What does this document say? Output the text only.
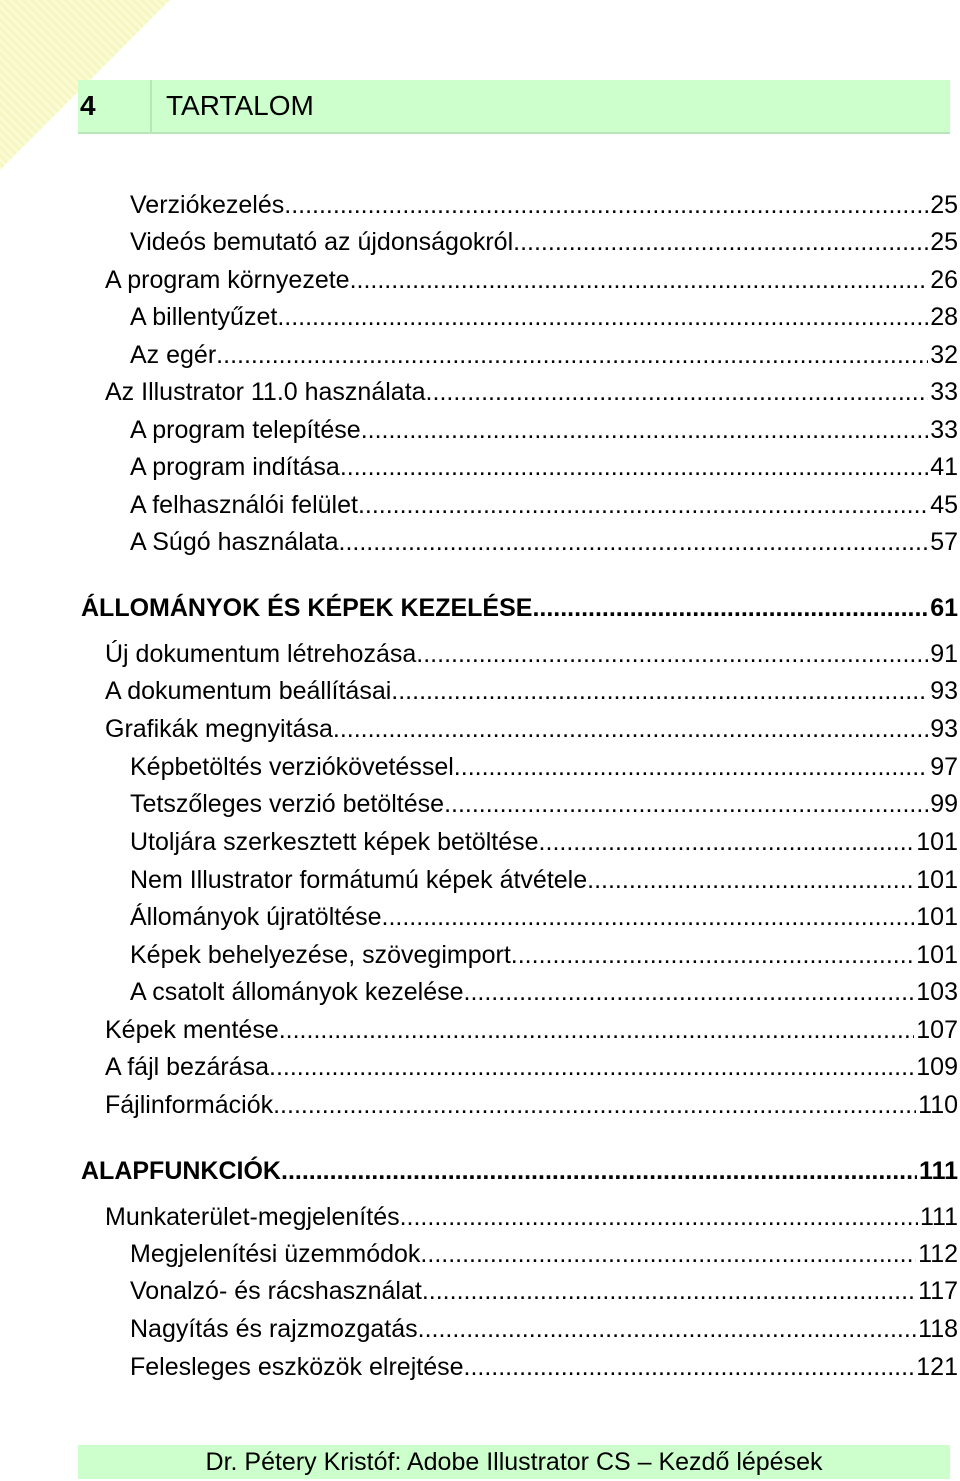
4	TARTALOM
Verziókezelés .....	25
Videós bemutató az újdonságokról .....	25
A program környezete .....	26
A billentyűzet .....	28
Az egér .....	32
Az Illustrator 11.0 használata .....	33
A program telepítése .....	33
A program indítása .....	41
A felhasználói felület .....	45
A Súgó használata .....	57
ÁLLOMÁNYOK ÉS KÉPEK KEZELÉSE .....	61
Új dokumentum létrehozása .....	91
A dokumentum beállításai .....	93
Grafikák megnyitása .....	93
Képbetöltés verziókövetéssel .....	97
Tetszőleges verzió betöltése .....	99
Utoljára szerkesztett képek betöltése .....	101
Nem Illustrator formátumú képek átvétele .....	101
Állományok újratöltése .....	101
Képek behelyezése, szövegimport .....	101
A csatolt állományok kezelése .....	103
Képek mentése .....	107
A fájl bezárása .....	109
Fájlinformációk .....	110
ALAPFUNKCIÓK .....	111
Munkaterület-megjelenítés .....	111
Megjelenítési üzemmódok .....	112
Vonalzó- és rácshasználat .....	117
Nagyítás és rajzmozgatás .....	118
Felesleges eszközök elrejtése .....	121
Dr. Pétery Kristóf: Adobe Illustrator CS – Kezdő lépések
